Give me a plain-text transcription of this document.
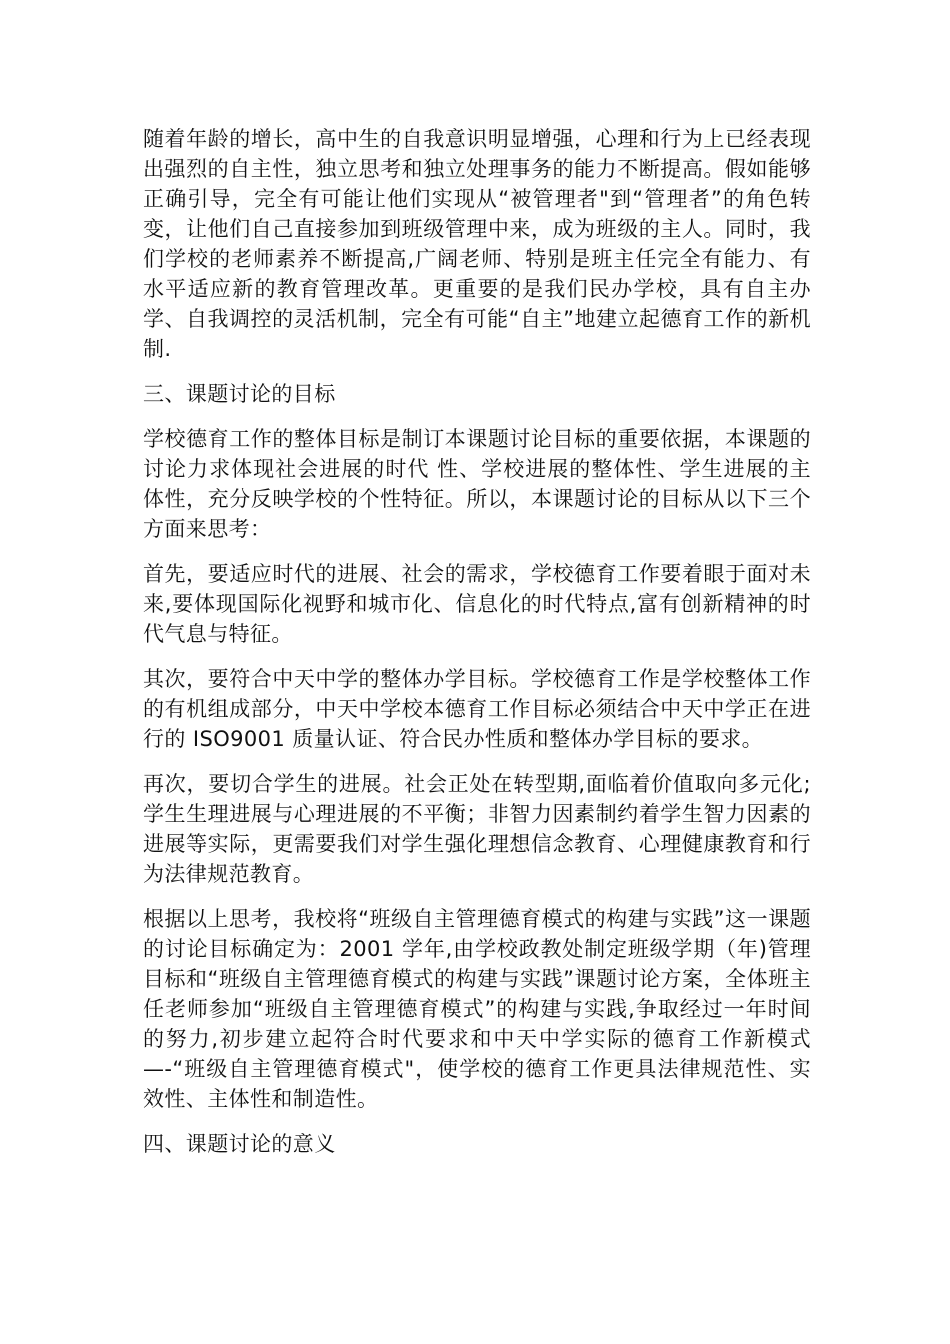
随着年龄的增长，高中生的自我意识明显增强，心理和行为上已经表现出强烈的自主性，独立思考和独立处理事务的能力不断提高。假如能够正确引导，完全有可能让他们实现从“被管理者"到“管理者”的角色转变，让他们自己直接参加到班级管理中来，成为班级的主人。同时，我们学校的老师素养不断提高,广阔老师、特别是班主任完全有能力、有水平适应新的教育管理改革。更重要的是我们民办学校，具有自主办学、自我调控的灵活机制，完全有可能“自主”地建立起德育工作的新机制.

三、课题讨论的目标

学校德育工作的整体目标是制订本课题讨论目标的重要依据，本课题的讨论力求体现社会进展的时代 性、学校进展的整体性、学生进展的主体性，充分反映学校的个性特征。所以，本课题讨论的目标从以下三个方面来思考：

首先，要适应时代的进展、社会的需求，学校德育工作要着眼于面对未来,要体现国际化视野和城市化、信息化的时代特点,富有创新精神的时代气息与特征。

其次，要符合中天中学的整体办学目标。学校德育工作是学校整体工作的有机组成部分，中天中学校本德育工作目标必须结合中天中学正在进行的 ISO9001 质量认证、符合民办性质和整体办学目标的要求。

再次，要切合学生的进展。社会正处在转型期,面临着价值取向多元化;学生生理进展与心理进展的不平衡；非智力因素制约着学生智力因素的进展等实际，更需要我们对学生强化理想信念教育、心理健康教育和行为法律规范教育。

根据以上思考，我校将“班级自主管理德育模式的构建与实践”这一课题的讨论目标确定为：2001 学年,由学校政教处制定班级学期（年)管理目标和“班级自主管理德育模式的构建与实践”课题讨论方案，全体班主任老师参加“班级自主管理德育模式”的构建与实践,争取经过一年时间的努力,初步建立起符合时代要求和中天中学实际的德育工作新模式—-“班级自主管理德育模式"，使学校的德育工作更具法律规范性、实效性、主体性和制造性。

四、课题讨论的意义
